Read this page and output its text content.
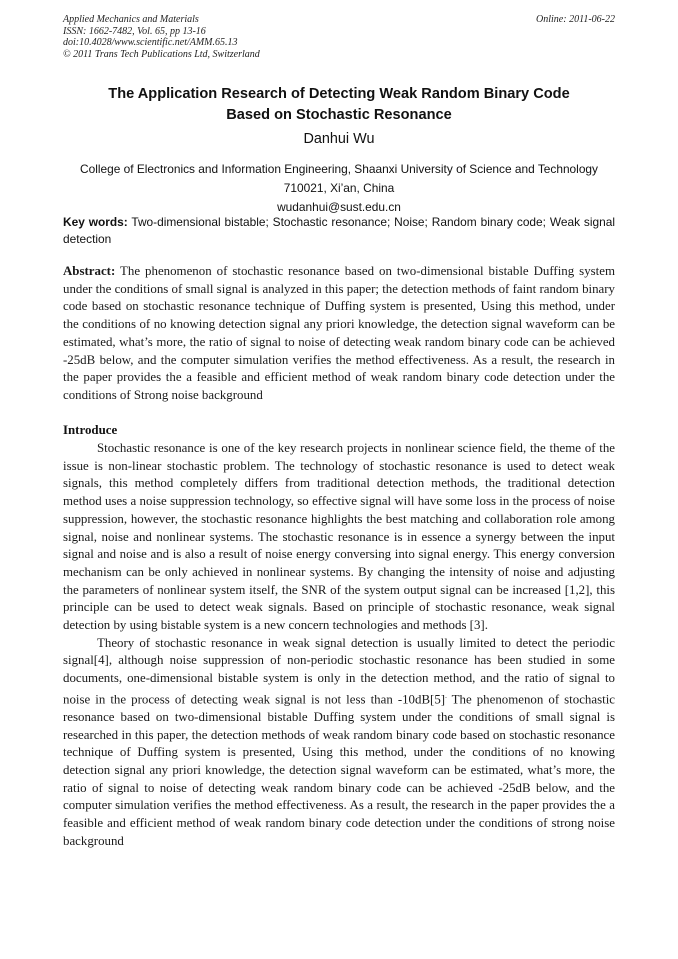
Applied Mechanics and Materials
ISSN: 1662-7482, Vol. 65, pp 13-16
doi:10.4028/www.scientific.net/AMM.65.13
© 2011 Trans Tech Publications Ltd, Switzerland
Online: 2011-06-22
The Application Research of Detecting Weak Random Binary Code
Based on Stochastic Resonance
Danhui Wu
College of Electronics and Information Engineering, Shaanxi University of Science and Technology
710021, Xi’an, China
wudanhui@sust.edu.cn
Key words: Two-dimensional bistable; Stochastic resonance; Noise; Random binary code; Weak signal detection

Abstract: The phenomenon of stochastic resonance based on two-dimensional bistable Duffing system under the conditions of small signal is analyzed in this paper; the detection methods of faint random binary code based on stochastic resonance technique of Duffing system is presented, Using this method, under the conditions of no knowing detection signal any priori knowledge, the detection signal waveform can be estimated, what’s more, the ratio of signal to noise of detecting weak random binary code can be achieved -25dB below, and the computer simulation verifies the method effectiveness. As a result, the research in the paper provides the a feasible and efficient method of weak random binary code detection under the conditions of Strong noise background

Introduce

Stochastic resonance is one of the key research projects in nonlinear science field, the theme of the issue is non-linear stochastic problem. The technology of stochastic resonance is used to detect weak signals, this method completely differs from traditional detection methods, the traditional detection method uses a noise suppression technology, so effective signal will have some loss in the process of noise suppression, however, the stochastic resonance highlights the best matching and collaboration role among signal, noise and nonlinear systems. The stochastic resonance is in essence a synergy between the input signal and noise and is also a result of noise energy conversing into signal energy. This energy conversion mechanism can be only achieved in nonlinear systems. By changing the intensity of noise and adjusting the parameters of nonlinear system itself, the SNR of the system output signal can be increased [1,2], this principle can be used to detect weak signals. Based on principle of stochastic resonance, weak signal detection by using bistable system is a new concern technologies and methods [3].

Theory of stochastic resonance in weak signal detection is usually limited to detect the periodic signal[4], although noise suppression of non-periodic stochastic resonance has been studied in some documents, one-dimensional bistable system is only in the detection method, and the ratio of signal to noise in the process of detecting weak signal is not less than -10dB[5]. The phenomenon of stochastic resonance based on two-dimensional bistable Duffing system under the conditions of small signal is researched in this paper, the detection methods of weak random binary code based on stochastic resonance technique of Duffing system is presented, Using this method, under the conditions of no knowing detection signal any priori knowledge, the detection signal waveform can be estimated, what’s more, the ratio of signal to noise of detecting weak random binary code can be achieved -25dB below, and the computer simulation verifies the method effectiveness. As a result, the research in the paper provides the a feasible and efficient method of weak random binary code detection under the conditions of strong noise background
